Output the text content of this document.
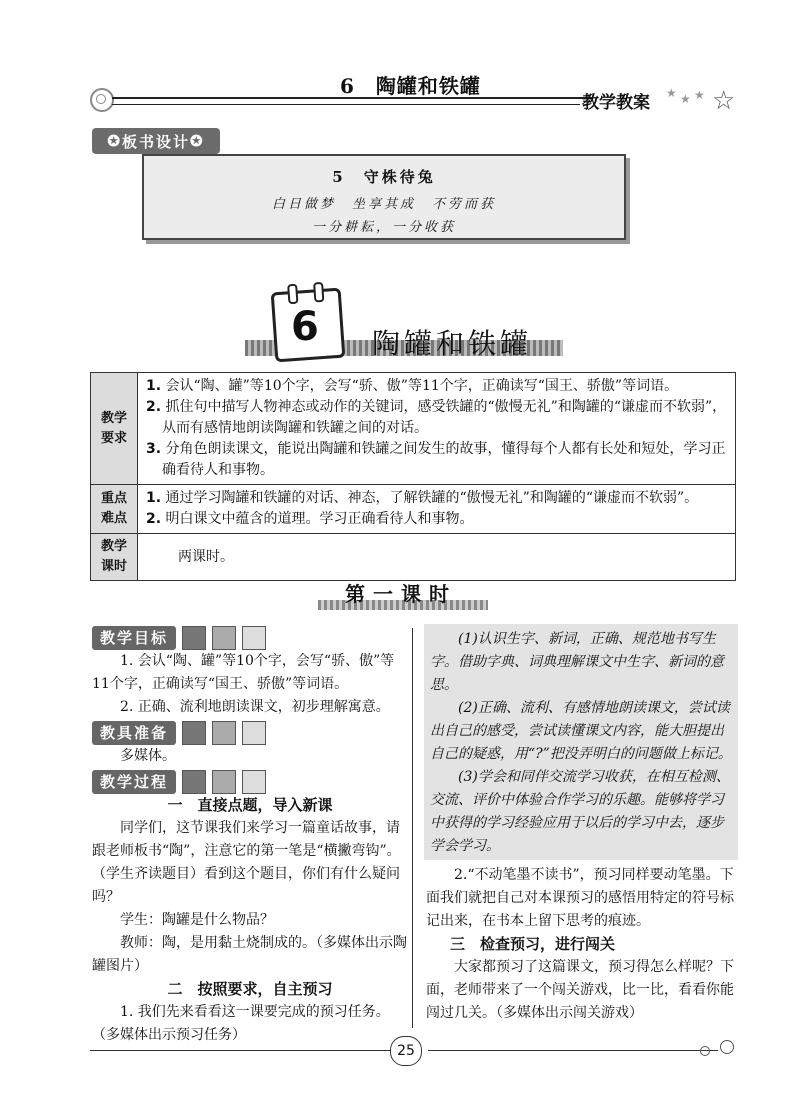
6　陶罐和铁罐
教学教案 ★ ★ ★ ☆
✪ 板书设计 ✪
5　守株待兔
白日做梦　坐享其成　不劳而获
一分耕耘，一分收获
6 陶罐和铁罐
教学要求	1. 会认“陶、罐”等10个字，会写“骄、傲”等11个字，正确读写“国王、骄傲”等词语。
2. 抓住句中描写人物神态或动作的关键词，感受铁罐的“傲慢无礼”和陶罐的“谦虚而不软弱”，从而有感情地朗读陶罐和铁罐之间的对话。
3. 分角色朗读课文，能说出陶罐和铁罐之间发生的故事，懂得每个人都有长处和短处，学习正确看待人和事物。

重点难点	1. 通过学习陶罐和铁罐的对话、神态，了解铁罐的“傲慢无礼”和陶罐的“谦虚而不软弱”。
2. 明白课文中蕴含的道理。学习正确看待人和事物。

教学课时	两课时。
第一课时
教学目标

1. 会认“陶、罐”等10个字，会写“骄、傲”等11个字，正确读写“国王、骄傲”等词语。

2. 正确、流利地朗读课文，初步理解寓意。

教具准备

多媒体。

教学过程
一　直接点题，导入新课

同学们，这节课我们来学习一篇童话故事，请跟老师板书“陶”，注意它的第一笔是“横撇弯钩”。（学生齐读题目）看到这个题目，你们有什么疑问吗？

学生：陶罐是什么物品？

教师：陶，是用黏土烧制成的。（多媒体出示陶罐图片）

二　按照要求，自主预习

1. 我们先来看看这一课要完成的预习任务。（多媒体出示预习任务）

(1)认识生字、新词，正确、规范地书写生字。借助字典、词典理解课文中生字、新词的意思。

(2)正确、流利、有感情地朗读课文，尝试读出自己的感受，尝试读懂课文内容，能大胆提出自己的疑惑，用“?”把没弄明白的问题做上标记。

(3)学会和同伴交流学习收获，在相互检测、交流、评价中体验合作学习的乐趣。能够将学习中获得的学习经验应用于以后的学习中去，逐步学会学习。

2.“不动笔墨不读书”，预习同样要动笔墨。下面我们就把自己对本课预习的感悟用特定的符号标记出来，在书本上留下思考的痕迹。

三　检查预习，进行闯关

大家都预习了这篇课文，预习得怎么样呢？下面，老师带来了一个闯关游戏，比一比，看看你能闯过几关。（多媒体出示闯关游戏）

25
